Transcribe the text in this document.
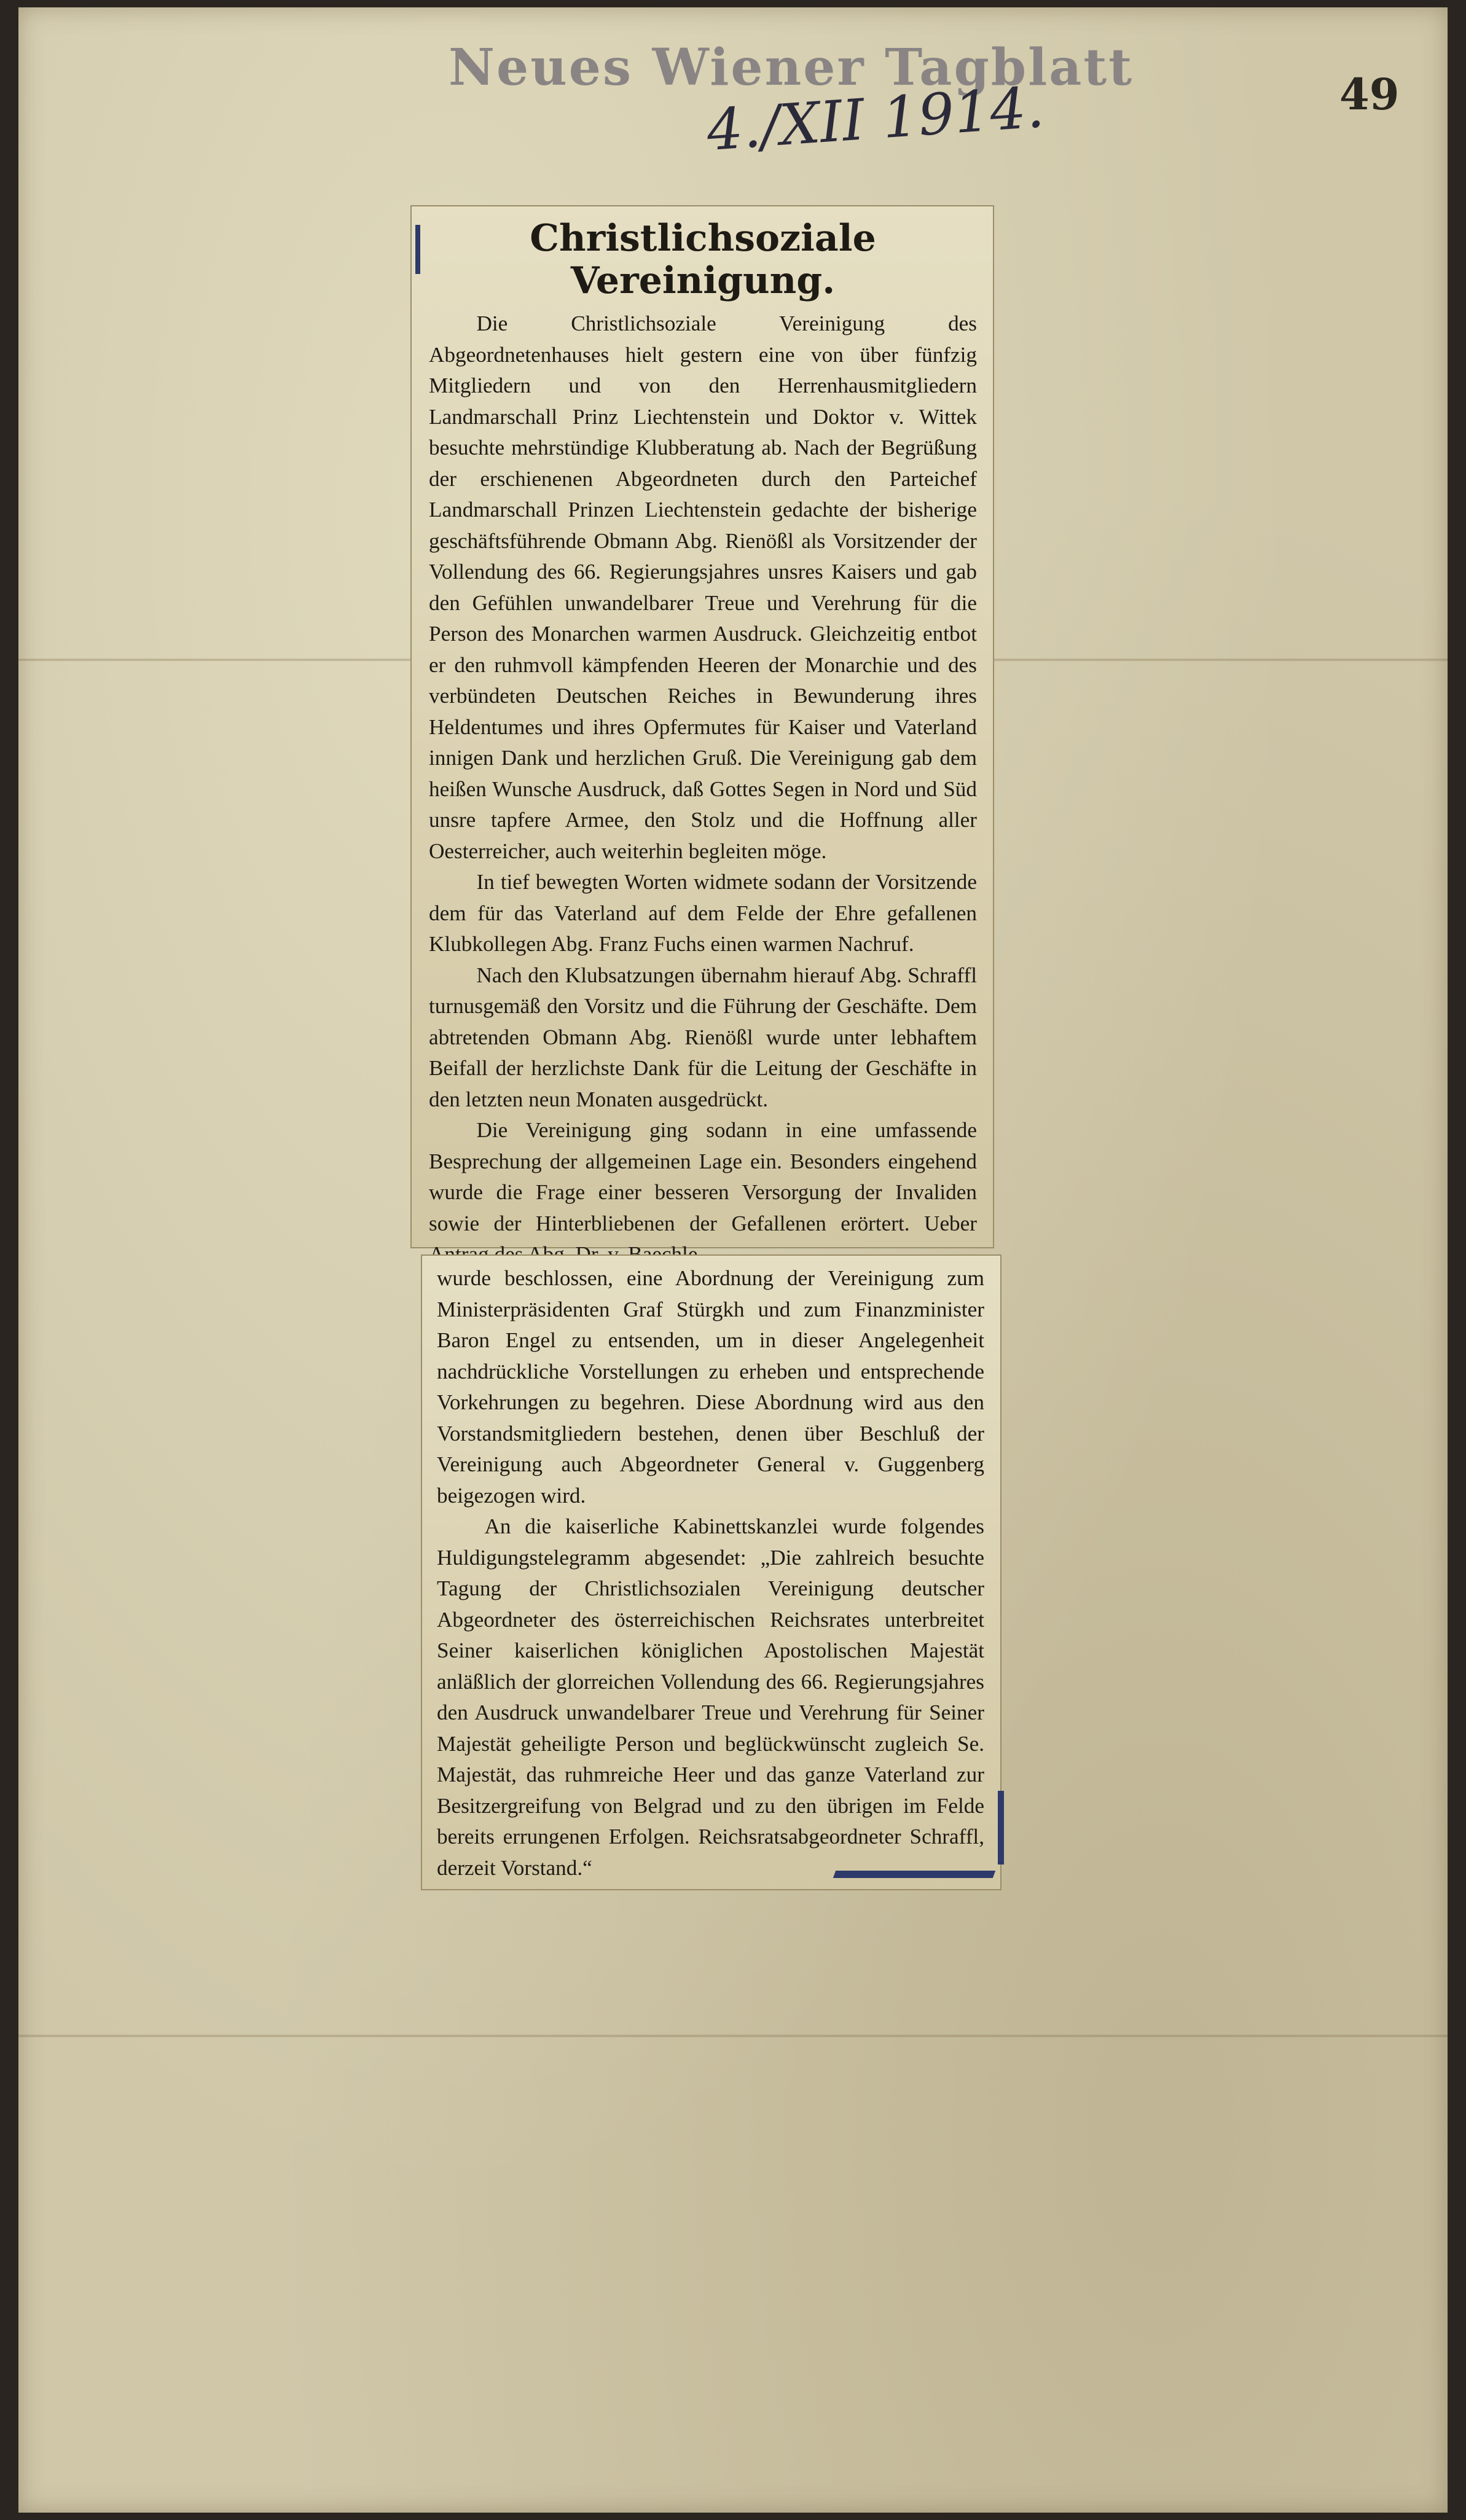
Neues Wiener Tagblatt
4./XII 1914.	49
Christlichsoziale Vereinigung.

Die Christlichsoziale Vereinigung des Abgeordnetenhauses hielt gestern eine von über fünfzig Mitgliedern und von den Herrenhausmitgliedern Landmarschall Prinz Liechtenstein und Doktor v. Wittek besuchte mehrstündige Klubberatung ab. Nach der Begrüßung der erschienenen Abgeordneten durch den Parteichef Landmarschall Prinzen Liechtenstein gedachte der bisherige geschäftsführende Obmann Abg. Rienößl als Vorsitzender der Vollendung des 66. Regierungsjahres unsres Kaisers und gab den Gefühlen unwandelbarer Treue und Verehrung für die Person des Monarchen warmen Ausdruck. Gleichzeitig entbot er den ruhmvoll kämpfenden Heeren der Monarchie und des verbündeten Deutschen Reiches in Bewunderung ihres Heldentumes und ihres Opfermutes für Kaiser und Vaterland innigen Dank und herzlichen Gruß. Die Vereinigung gab dem heißen Wunsche Ausdruck, daß Gottes Segen in Nord und Süd unsre tapfere Armee, den Stolz und die Hoffnung aller Oesterreicher, auch weiterhin begleiten möge.

In tief bewegten Worten widmete sodann der Vorsitzende dem für das Vaterland auf dem Felde der Ehre gefallenen Klubkollegen Abg. Franz Fuchs einen warmen Nachruf.

Nach den Klubsatzungen übernahm hierauf Abg. Schraffl turnusgemäß den Vorsitz und die Führung der Geschäfte. Dem abtretenden Obmann Abg. Rienößl wurde unter lebhaftem Beifall der herzlichste Dank für die Leitung der Geschäfte in den letzten neun Monaten ausgedrückt.

Die Vereinigung ging sodann in eine umfassende Besprechung der allgemeinen Lage ein. Besonders eingehend wurde die Frage einer besseren Versorgung der Invaliden sowie der Hinterbliebenen der Gefallenen erörtert. Ueber

wurde beschlossen, eine Abordnung der Vereinigung zum Ministerpräsidenten Graf Stürgkh und zum Finanzminister Baron Engel zu entsenden, um in dieser Angelegenheit nachdrückliche Vorstellungen zu erheben und entsprechende Vorkehrungen zu begehren. Diese Abordnung wird aus den Vorstandsmitgliedern bestehen, denen über Beschluß der Vereinigung auch Abgeordneter General v. Guggenberg beigezogen wird.

An die kaiserliche Kabinettskanzlei wurde folgendes Huldigungstelegramm abgesendet: „Die zahlreich besuchte Tagung der Christlichsozialen Vereinigung deutscher Abgeordneter des österreichischen Reichsrates unterbreitet Seiner kaiserlichen königlichen Apostolischen Majestät anläßlich der glorreichen Vollendung des 66. Regierungsjahres den Ausdruck unwandelbarer Treue und Verehrung für Seiner Majestät geheiligte Person und beglückwünscht zugleich Se. Majestät, das ruhmreiche Heer und das ganze Vaterland zur Besitzergreifung von Belgrad und zu den übrigen im Felde bereits errungenen Erfolgen. Reichsratsabgeordneter Schraffl, derzeit Vorstand.“
